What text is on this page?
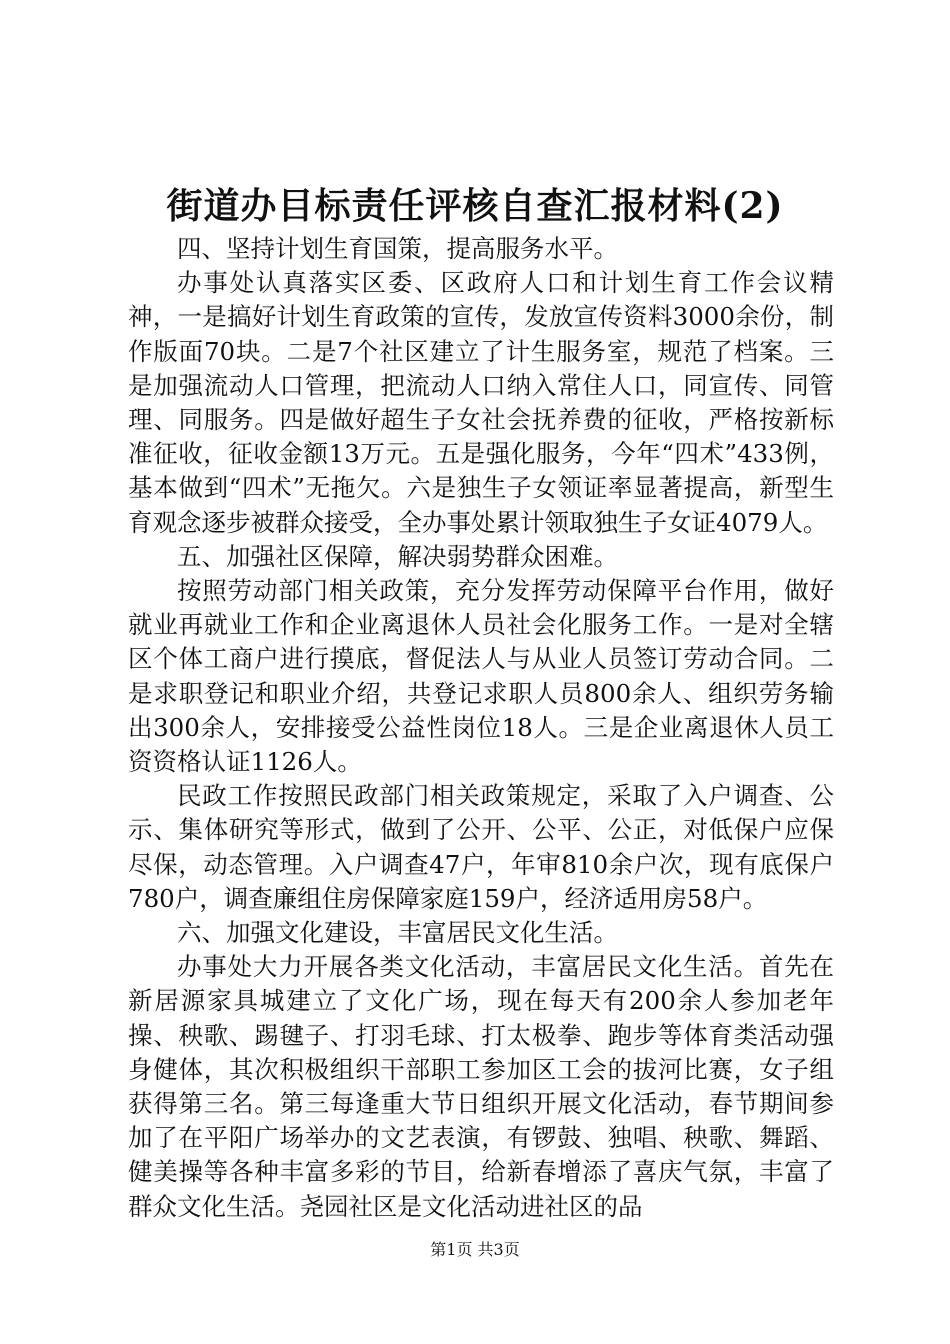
街道办目标责任评核自查汇报材料(2)

四、坚持计划生育国策，提高服务水平。

办事处认真落实区委、区政府人口和计划生育工作会议精神，一是搞好计划生育政策的宣传，发放宣传资料3000余份，制作版面70块。二是7个社区建立了计生服务室，规范了档案。三是加强流动人口管理，把流动人口纳入常住人口，同宣传、同管理、同服务。四是做好超生子女社会抚养费的征收，严格按新标准征收，征收金额13万元。五是强化服务，今年“四术”433例，基本做到“四术”无拖欠。六是独生子女领证率显著提高，新型生育观念逐步被群众接受，全办事处累计领取独生子女证4079人。

五、加强社区保障，解决弱势群众困难。

按照劳动部门相关政策，充分发挥劳动保障平台作用，做好就业再就业工作和企业离退休人员社会化服务工作。一是对全辖区个体工商户进行摸底，督促法人与从业人员签订劳动合同。二是求职登记和职业介绍，共登记求职人员800余人、组织劳务输出300余人，安排接受公益性岗位18人。三是企业离退休人员工资资格认证1126人。

民政工作按照民政部门相关政策规定，采取了入户调查、公示、集体研究等形式，做到了公开、公平、公正，对低保户应保尽保，动态管理。入户调查47户，年审810余户次，现有底保户780户，调查廉组住房保障家庭159户，经济适用房58户。

六、加强文化建设，丰富居民文化生活。

办事处大力开展各类文化活动，丰富居民文化生活。首先在新居源家具城建立了文化广场，现在每天有200余人参加老年操、秧歌、踢毽子、打羽毛球、打太极拳、跑步等体育类活动强身健体，其次积极组织干部职工参加区工会的拔河比赛，女子组获得第三名。第三每逢重大节日组织开展文化活动，春节期间参加了在平阳广场举办的文艺表演，有锣鼓、独唱、秧歌、舞蹈、健美操等各种丰富多彩的节目，给新春增添了喜庆气氛，丰富了群众文化生活。尧园社区是文化活动进社区的品

第1页 共3页
